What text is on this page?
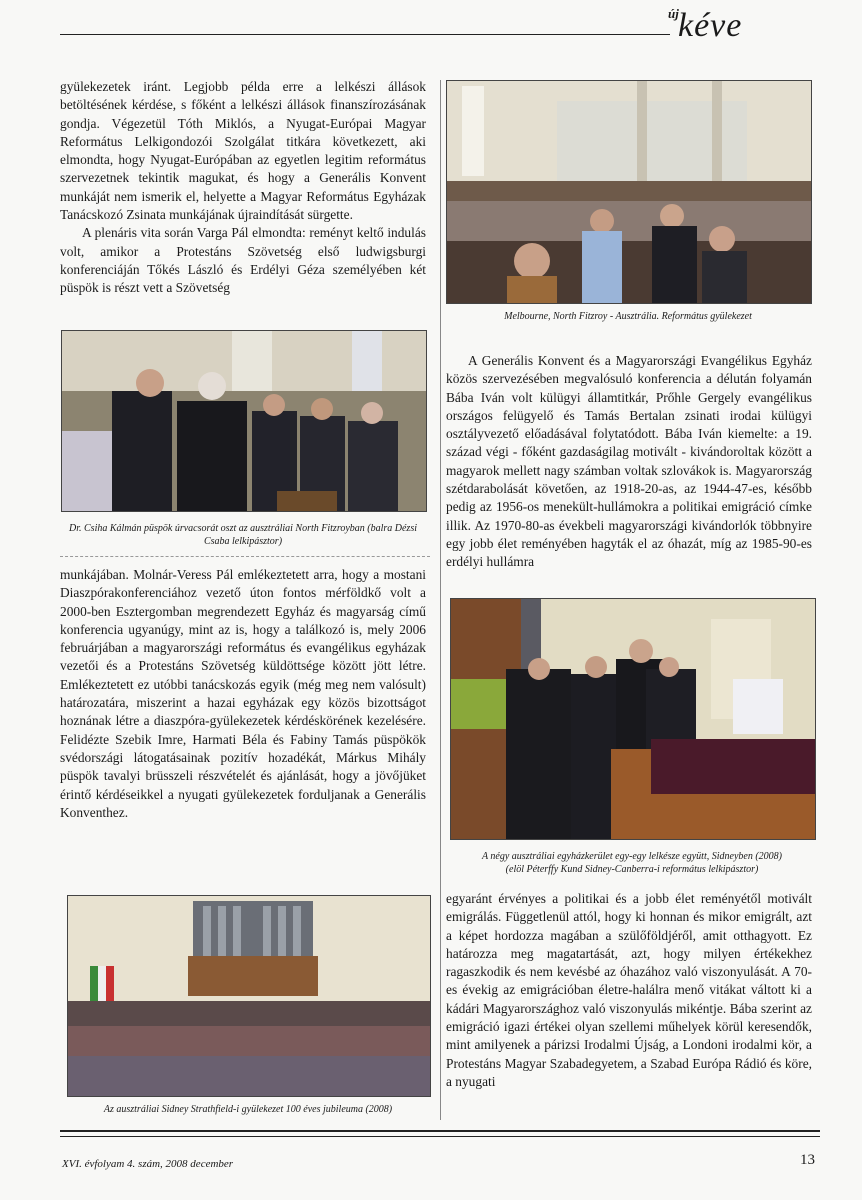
új kéve

gyülekezetek iránt. Legjobb példa erre a lelkészi állások betöltésének kérdése, s főként a lelkészi állások finanszírozásának gondja. Végezetül Tóth Miklós, a Nyugat-Európai Magyar Református Lelkigondozói Szolgálat titkára következett, aki elmondta, hogy Nyugat-Európában az egyetlen legitim református szervezetnek tekintik magukat, és hogy a Generális Konvent munkáját nem ismerik el, helyette a Magyar Református Egyházak Tanácskozó Zsinata munkájának újraindítását sürgette.

A plenáris vita során Varga Pál elmondta: reményt keltő indulás volt, amikor a Protestáns Szövetség első ludwigsburgi konferenciáján Tőkés László és Erdélyi Géza személyében két püspök is részt vett a Szövetség

Dr. Csiha Kálmán püspök úrvacsorát oszt az ausztráliai North Fitzroyban (balra Dézsi Csaba lelkipásztor)

munkájában. Molnár-Veress Pál emlékeztetett arra, hogy a mostani Diaszpórakonferenciához vezető úton fontos mérföldkő volt a 2000-ben Esztergomban megrendezett Egyház és magyarság című konferencia ugyanúgy, mint az is, hogy a találkozó is, mely 2006 februárjában a magyarországi református és evangélikus egyházak vezetői és a Protestáns Szövetség küldöttsége között jött létre. Emlékeztetett ez utóbbi tanácskozás egyik (még meg nem valósult) határozatára, miszerint a hazai egyházak egy közös bizottságot hoznának létre a diaszpóra-gyülekezetek kérdéskörének kezelésére. Felidézte Szebik Imre, Harmati Béla és Fabiny Tamás püspökök svédországi látogatásainak pozitív hozadékát, Márkus Mihály püspök tavalyi brüsszeli részvételét és ajánlását, hogy a jövőjüket érintő kérdéseikkel a nyugati gyülekezetek forduljanak a Generális Konventhez.

Az ausztráliai Sidney Strathfield-i gyülekezet 100 éves jubileuma (2008)
Melbourne, North Fitzroy - Ausztrália. Református gyülekezet

A Generális Konvent és a Magyarországi Evangélikus Egyház közös szervezésében megvalósuló konferencia a délután folyamán Bába Iván volt külügyi államtitkár, Prőhle Gergely evangélikus országos felügyelő és Tamás Bertalan zsinati irodai külügyi osztályvezető előadásával folytatódott. Bába Iván kiemelte: a 19. század végi - főként gazdaságilag motivált - kivándoroltak között a magyarok mellett nagy számban voltak szlovákok is. Magyarország szétdarabolását követően, az 1918-20-as, az 1944-47-es, később pedig az 1956-os menekült-hullámokra a politikai emigráció címke illik. Az 1970-80-as évekbeli magyarországi kivándorlók többnyire egy jobb élet reményében hagyták el az óhazát, míg az 1985-90-es erdélyi hullámra

A négy ausztráliai egyházkerület egy-egy lelkésze együtt, Sidneyben (2008)
(elöl Péterffy Kund Sidney-Canberra-i református lelkipásztor)

egyaránt érvényes a politikai és a jobb élet reményétől motivált emigrálás. Függetlenül attól, hogy ki honnan és mikor emigrált, azt a képet hordozza magában a szülőföldjéről, amit otthagyott. Ez határozza meg magatartását, azt, hogy milyen értékekhez ragaszkodik és nem kevésbé az óhazához való viszonyulását. A 70-es évekig az emigrációban életre-halálra menő vitákat váltott ki a kádári Magyarországhoz való viszonyulás mikéntje. Bába szerint az emigráció igazi értékei olyan szellemi műhelyek körül keresendők, mint amilyenek a párizsi Irodalmi Újság, a Londoni irodalmi kör, a Protestáns Magyar Szabadegyetem, a Szabad Európa Rádió és köre, a nyugati

XVI. évfolyam 4. szám, 2008 december	13
